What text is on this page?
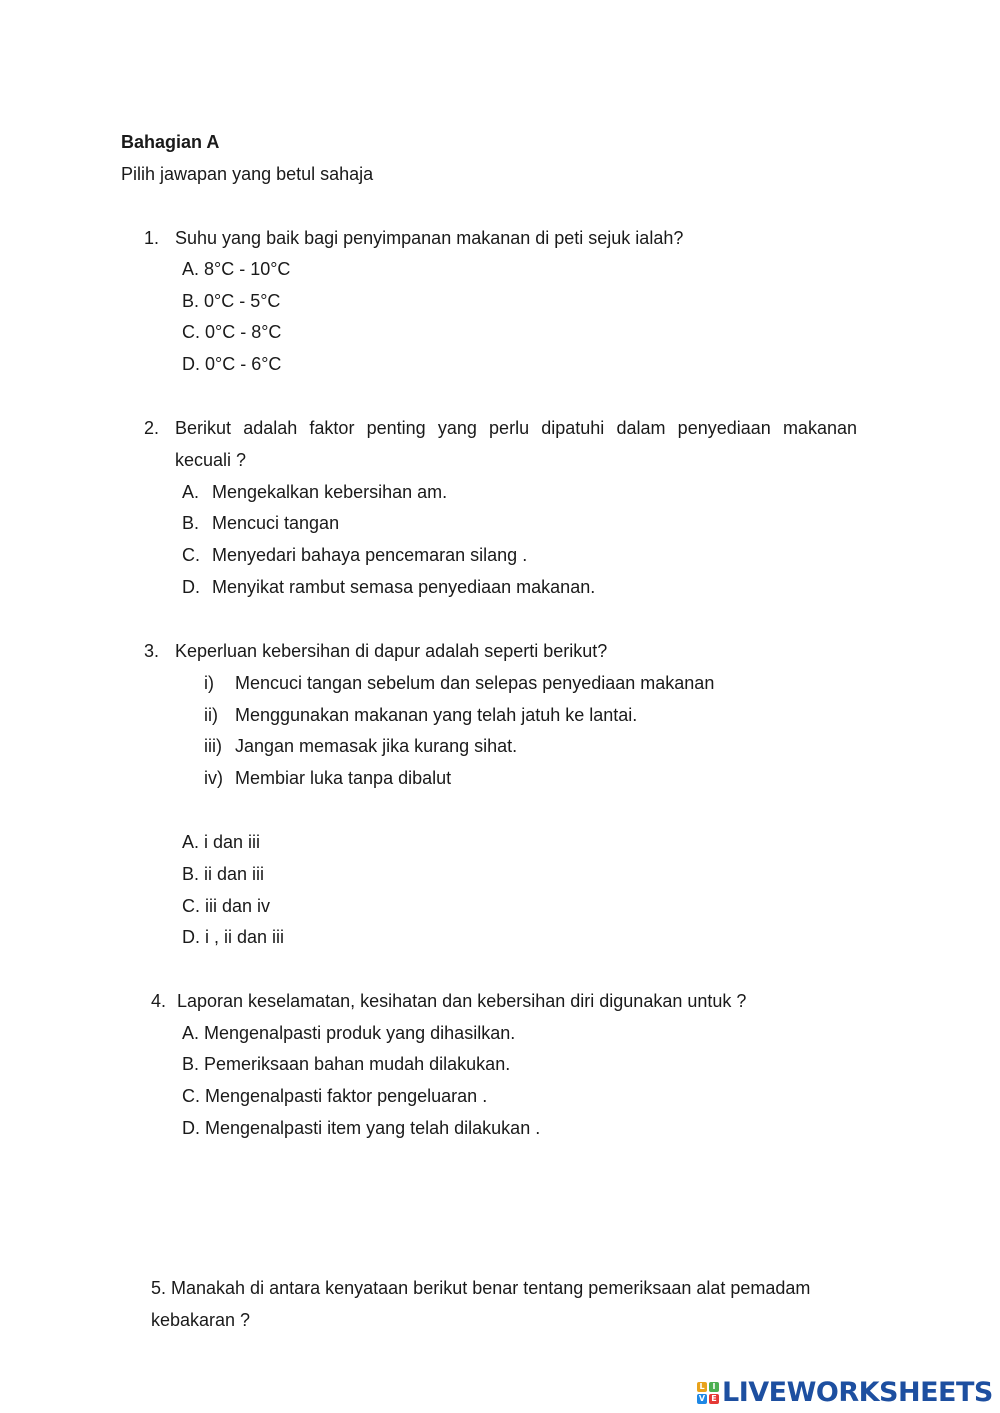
Bahagian A
Pilih jawapan yang betul sahaja
1. Suhu yang baik bagi penyimpanan makanan di peti sejuk ialah?
A. 8°C - 10°C
B. 0°C - 5°C
C. 0°C - 8°C
D. 0°C - 6°C
2. Berikut adalah faktor penting yang perlu dipatuhi dalam penyediaan makanan
kecuali ?
A. Mengekalkan kebersihan am.
B. Mencuci tangan
C. Menyedari bahaya pencemaran silang .
D. Menyikat rambut semasa penyediaan makanan.
3. Keperluan kebersihan di dapur adalah seperti berikut?
i) Mencuci tangan sebelum dan selepas penyediaan makanan
ii) Menggunakan makanan yang telah jatuh ke lantai.
iii) Jangan memasak jika kurang sihat.
iv) Membiar luka tanpa dibalut
A. i dan iii
B. ii dan iii
C. iii dan iv
D. i , ii dan iii
4. Laporan keselamatan, kesihatan dan kebersihan diri digunakan untuk ?
A. Mengenalpasti produk yang dihasilkan.
B. Pemeriksaan bahan mudah dilakukan.
C. Mengenalpasti faktor pengeluaran .
D. Mengenalpasti item yang telah dilakukan .
5. Manakah di antara kenyataan berikut benar tentang pemeriksaan alat pemadam
kebakaran ?
L I
V E LIVEWORKSHEETS
